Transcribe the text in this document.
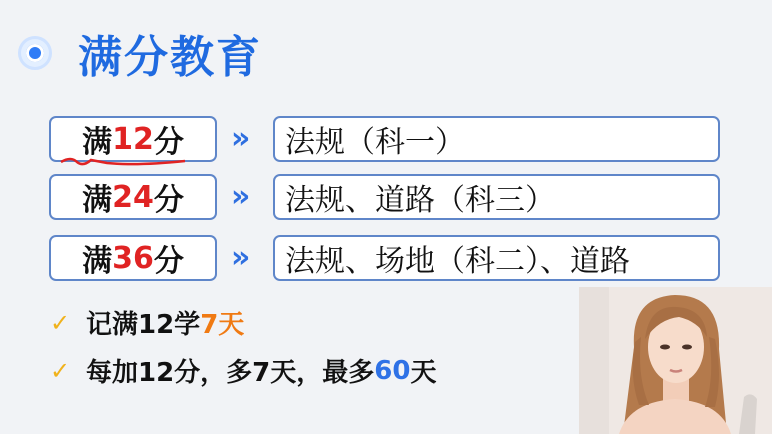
满分教育
满 12 分 »	法规（科一）
满 24 分 »	法规、道路（科三）
满 36 分 »	法规、场地（科二）、道路
✓ 记满12学 7天
✓ 每加12分，多7天，最多 60 天
